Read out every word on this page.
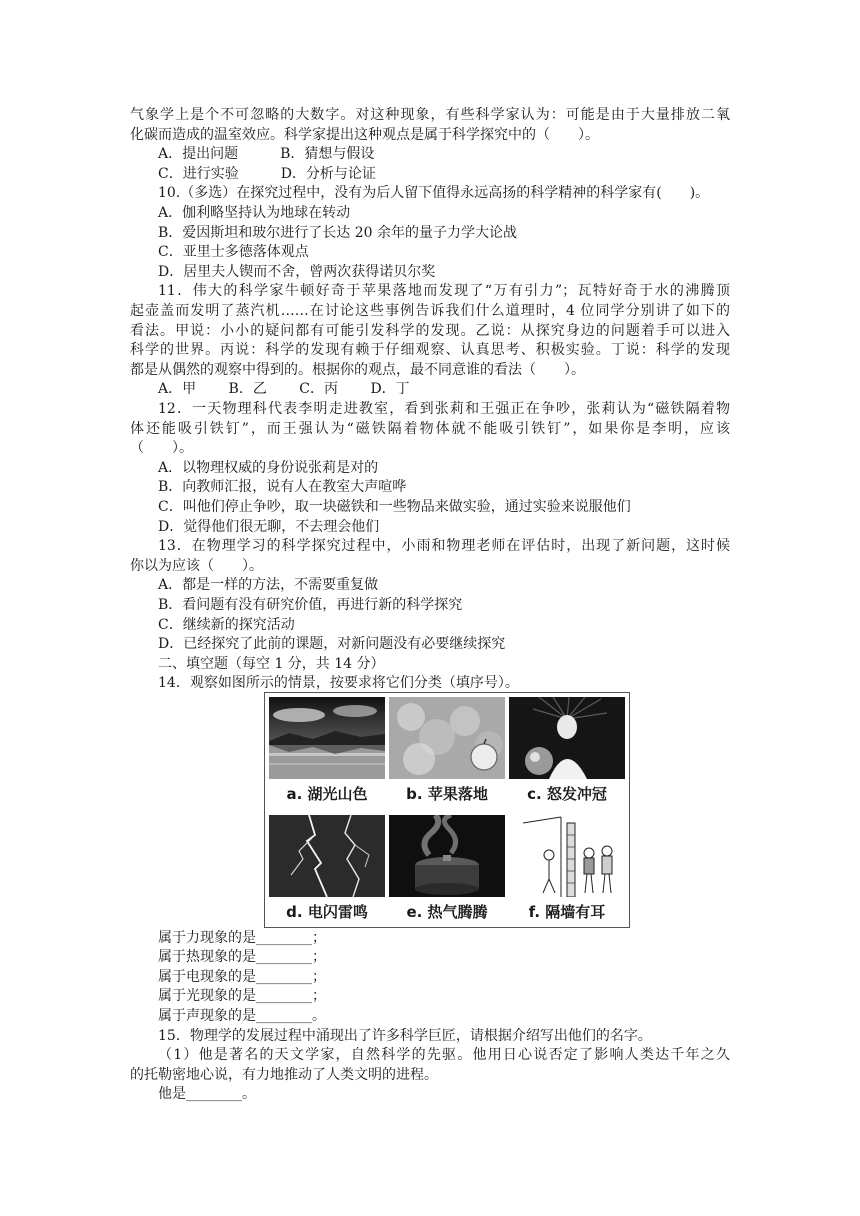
气象学上是个不可忽略的大数字。对这种现象，有些科学家认为：可能是由于大量排放二氧
化碳而造成的温室效应。科学家提出这种观点是属于科学探究中的（　　）。
A．提出问题　　　B．猜想与假设
C．进行实验　　　D．分析与论证
10.（多选）在探究过程中，没有为后人留下值得永远高扬的科学精神的科学家有(　　)。
A．伽利略坚持认为地球在转动
B．爱因斯坦和玻尔进行了长达 20 余年的量子力学大论战
C．亚里士多德落体观点
D．居里夫人锲而不舍，曾两次获得诺贝尔奖
11．伟大的科学家牛顿好奇于苹果落地而发现了“万有引力”；瓦特好奇于水的沸腾顶
起壶盖而发明了蒸汽机……在讨论这些事例告诉我们什么道理时，4 位同学分别讲了如下的
看法。甲说：小小的疑问都有可能引发科学的发现。乙说：从探究身边的问题着手可以进入
科学的世界。丙说：科学的发现有赖于仔细观察、认真思考、积极实验。丁说：科学的发现
都是从偶然的观察中得到的。根据你的观点，最不同意谁的看法（　　）。
A．甲　　 B．乙　　 C．丙　　 D．丁
12．一天物理科代表李明走进教室，看到张莉和王强正在争吵，张莉认为“磁铁隔着物
体还能吸引铁钉”，而王强认为“磁铁隔着物体就不能吸引铁钉”，如果你是李明，应该
（　　）。
A．以物理权威的身份说张莉是对的
B．向教师汇报，说有人在教室大声喧哗
C．叫他们停止争吵，取一块磁铁和一些物品来做实验，通过实验来说服他们
D．觉得他们很无聊，不去理会他们
13．在物理学习的科学探究过程中，小雨和物理老师在评估时，出现了新问题，这时候
你以为应该（　　）。
A．都是一样的方法，不需要重复做
B．看问题有没有研究价值，再进行新的科学探究
C．继续新的探究活动
D．已经探究了此前的课题，对新问题没有必要继续探究
二、填空题（每空 1 分，共 14 分）
14．观察如图所示的情景，按要求将它们分类（填序号）。
a. 湖光山色	b. 苹果落地	c. 怒发冲冠
d. 电闪雷鸣	e. 热气腾腾	f. 隔墙有耳
属于力现象的是________；
属于热现象的是________；
属于电现象的是________；
属于光现象的是________；
属于声现象的是________。
15．物理学的发展过程中涌现出了许多科学巨匠，请根据介绍写出他们的名字。
（1）他是著名的天文学家，自然科学的先驱。他用日心说否定了影响人类达千年之久
的托勒密地心说，有力地推动了人类文明的进程。
他是________。
